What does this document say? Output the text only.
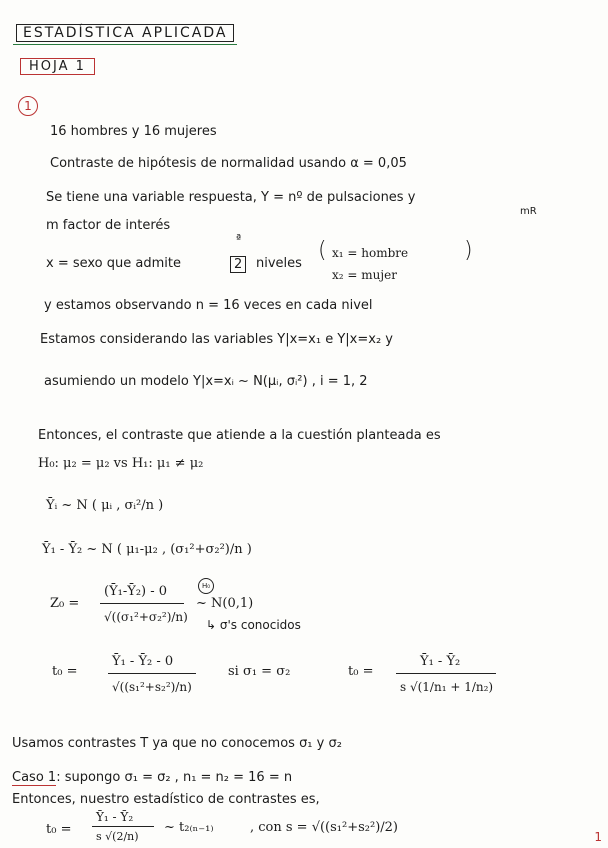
ESTADÍSTICA APLICADA
HOJA 1
1
16 hombres y 16 mujeres
Contraste de hipótesis de normalidad usando α = 0,05
Se tiene una variable respuesta, Y = nº de pulsaciones y
m factor de interés
mR
x = sexo que admite	2	niveles
ª	( x₁ = hombre
x₂ = mujer
)
y estamos observando n = 16 veces en cada nivel
Estamos considerando las variables Y|x=x₁ e Y|x=x₂ y
asumiendo un modelo Y|x=xᵢ ~ N(μᵢ, σᵢ²) , i = 1, 2
Entonces, el contraste que atiende a la cuestión planteada es
H₀: μ₂ = μ₂ vs H₁: μ₁ ≠ μ₂
Ȳᵢ ~ N ( μᵢ , σᵢ²/n )
Ȳ₁ - Ȳ₂ ~ N ( μ₁-μ₂ , (σ₁²+σ₂²)/n )
Z₀ =
(Ȳ₁-Ȳ₂) - 0
√((σ₁²+σ₂²)/n)
H₀
~ N(0,1)
↳ σ's conocidos
t₀ =
Ȳ₁ - Ȳ₂ - 0
√((s₁²+s₂²)/n)
si σ₁ = σ₂	t₀ =
Ȳ₁ - Ȳ₂
s √(1/n₁ + 1/n₂)
Usamos contrastes T ya que no conocemos σ₁ y σ₂
Caso 1: supongo σ₁ = σ₂ , n₁ = n₂ = 16 = n
Entonces, nuestro estadístico de contrastes es,
t₀ =
Ȳ₁ - Ȳ₂
s √(2/n)
~ t₂₍ₙ₋₁₎	, con s = √((s₁²+s₂²)/2)
1
